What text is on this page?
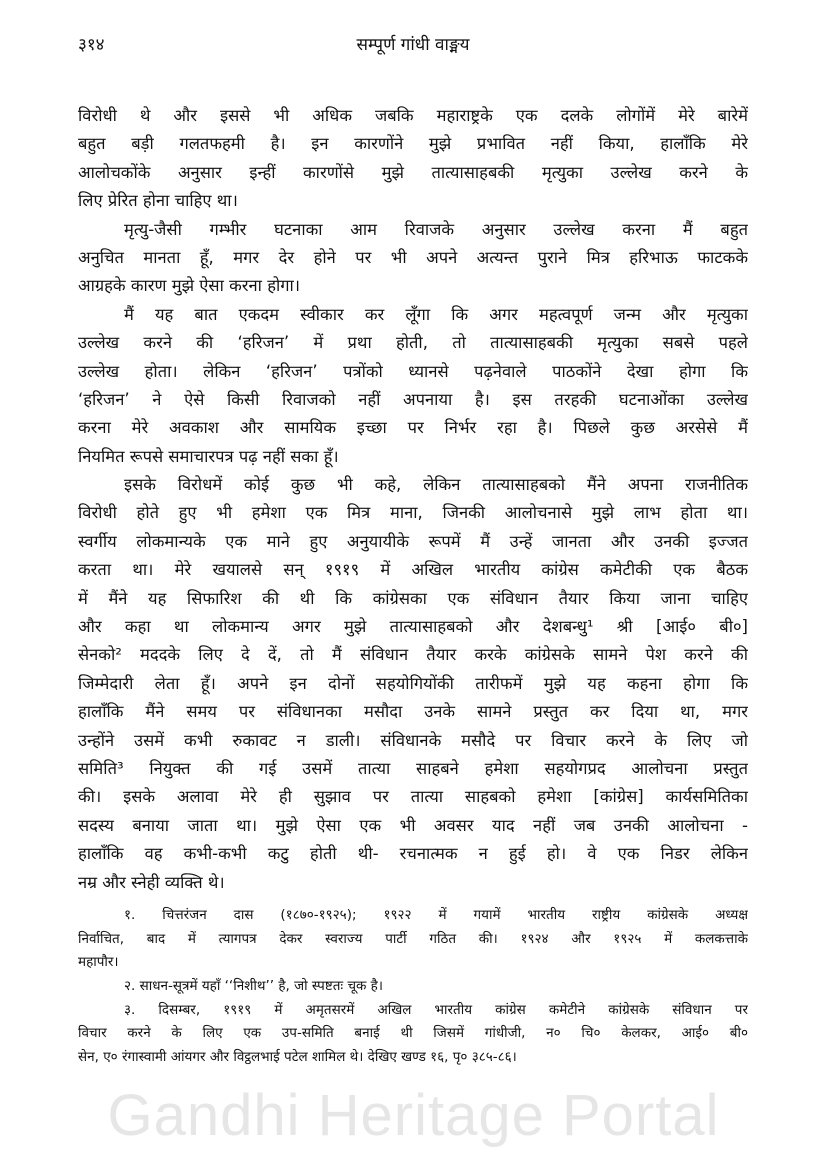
३१४	सम्पूर्ण गांधी वाङ्मय
विरोधी थे और इससे भी अधिक जबकि महाराष्ट्रके एक दलके लोगोंमें मेरे बारेमें
बहुत बड़ी गलतफहमी है। इन कारणोंने मुझे प्रभावित नहीं किया, हालाँकि मेरे
आलोचकोंके अनुसार इन्हीं कारणोंसे मुझे तात्यासाहबकी मृत्युका उल्लेख करने के
लिए प्रेरित होना चाहिए था।
मृत्यु-जैसी गम्भीर घटनाका आम रिवाजके अनुसार उल्लेख करना मैं बहुत
अनुचित मानता हूँ, मगर देर होने पर भी अपने अत्यन्त पुराने मित्र हरिभाऊ फाटकके
आग्रहके कारण मुझे ऐसा करना होगा।
मैं यह बात एकदम स्वीकार कर लूँगा कि अगर महत्वपूर्ण जन्म और मृत्युका
उल्लेख करने की ‘हरिजन’ में प्रथा होती, तो तात्यासाहबकी मृत्युका सबसे पहले
उल्लेख होता। लेकिन ‘हरिजन’ पत्रोंको ध्यानसे पढ़नेवाले पाठकोंने देखा होगा कि
‘हरिजन’ ने ऐसे किसी रिवाजको नहीं अपनाया है। इस तरहकी घटनाओंका उल्लेख
करना मेरे अवकाश और सामयिक इच्छा पर निर्भर रहा है। पिछले कुछ अरसेसे मैं
नियमित रूपसे समाचारपत्र पढ़ नहीं सका हूँ।
इसके विरोधमें कोई कुछ भी कहे, लेकिन तात्यासाहबको मैंने अपना राजनीतिक
विरोधी होते हुए भी हमेशा एक मित्र माना, जिनकी आलोचनासे मुझे लाभ होता था।
स्वर्गीय लोकमान्यके एक माने हुए अनुयायीके रूपमें मैं उन्हें जानता और उनकी इज्जत
करता था। मेरे खयालसे सन् १९१९ में अखिल भारतीय कांग्रेस कमेटीकी एक बैठक
में मैंने यह सिफारिश की थी कि कांग्रेसका एक संविधान तैयार किया जाना चाहिए
और कहा था लोकमान्य अगर मुझे तात्यासाहबको और देशबन्धु¹ श्री [आई० बी०]
सेनको² मददके लिए दे दें, तो मैं संविधान तैयार करके कांग्रेसके सामने पेश करने की
जिम्मेदारी लेता हूँ। अपने इन दोनों सहयोगियोंकी तारीफमें मुझे यह कहना होगा कि
हालाँकि मैंने समय पर संविधानका मसौदा उनके सामने प्रस्तुत कर दिया था, मगर
उन्होंने उसमें कभी रुकावट न डाली। संविधानके मसौदे पर विचार करने के लिए जो
समिति³ नियुक्त की गई उसमें तात्या साहबने हमेशा सहयोगप्रद आलोचना प्रस्तुत
की। इसके अलावा मेरे ही सुझाव पर तात्या साहबको हमेशा [कांग्रेस] कार्यसमितिका
सदस्य बनाया जाता था। मुझे ऐसा एक भी अवसर याद नहीं जब उनकी आलोचना -
हालाँकि वह कभी-कभी कटु होती थी- रचनात्मक न हुई हो। वे एक निडर लेकिन
नम्र और स्नेही व्यक्ति थे।
१. चित्तरंजन दास (१८७०-१९२५); १९२२ में गयामें भारतीय राष्ट्रीय कांग्रेसके अध्यक्ष
निर्वाचित, बाद में त्यागपत्र देकर स्वराज्य पार्टी गठित की। १९२४ और १९२५ में कलकत्ताके
महापौर।
२. साधन-सूत्रमें यहाँ ‘‘निशीथ’’ है, जो स्पष्टतः चूक है।
३. दिसम्बर, १९१९ में अमृतसरमें अखिल भारतीय कांग्रेस कमेटीने कांग्रेसके संविधान पर
विचार करने के लिए एक उप-समिति बनाई थी जिसमें गांधीजी, न० चि० केलकर, आई० बी०
सेन, ए० रंगास्वामी आंयगर और विट्ठलभाई पटेल शामिल थे। देखिए खण्ड १६, पृ० ३८५-८६।
Gandhi Heritage Portal
